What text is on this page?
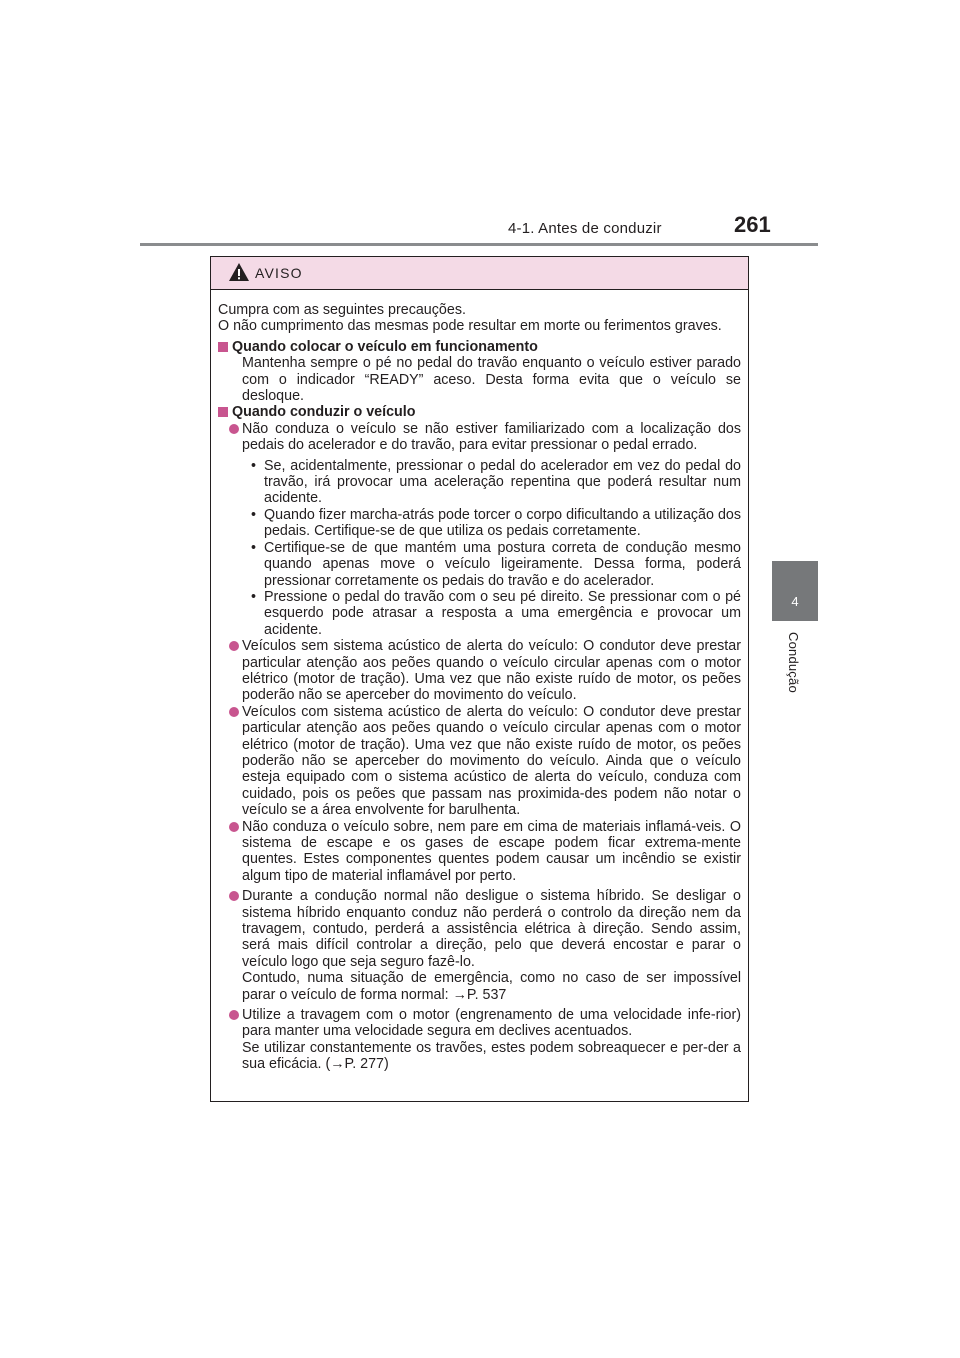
4-1. Antes de conduzir	261
4
Condução
AVISO

Cumpra com as seguintes precauções.

O não cumprimento das mesmas pode resultar em morte ou ferimentos graves.

Quando colocar o veículo em funcionamento

Mantenha sempre o pé no pedal do travão enquanto o veículo estiver parado com o indicador “READY” aceso. Desta forma evita que o veículo se desloque.

Quando conduzir o veículo

Não conduza o veículo se não estiver familiarizado com a localização dos pedais do acelerador e do travão, para evitar pressionar o pedal errado.

• Se, acidentalmente, pressionar o pedal do acelerador em vez do pedal do travão, irá provocar uma aceleração repentina que poderá resultar num acidente.

• Quando fizer marcha-atrás pode torcer o corpo dificultando a utilização dos pedais. Certifique-se de que utiliza os pedais corretamente.

• Certifique-se de que mantém uma postura correta de condução mesmo quando apenas move o veículo ligeiramente. Dessa forma, poderá pressionar corretamente os pedais do travão e do acelerador.

• Pressione o pedal do travão com o seu pé direito. Se pressionar com o pé esquerdo pode atrasar a resposta a uma emergência e provocar um acidente.

Veículos sem sistema acústico de alerta do veículo: O condutor deve prestar particular atenção aos peões quando o veículo circular apenas com o motor elétrico (motor de tração). Uma vez que não existe ruído de motor, os peões poderão não se aperceber do movimento do veículo.

Veículos com sistema acústico de alerta do veículo: O condutor deve prestar particular atenção aos peões quando o veículo circular apenas com o motor elétrico (motor de tração). Uma vez que não existe ruído de motor, os peões poderão não se aperceber do movimento do veículo. Ainda que o veículo esteja equipado com o sistema acústico de alerta do veículo, conduza com cuidado, pois os peões que passam nas proximida-des podem não notar o veículo se a área envolvente for barulhenta.

Não conduza o veículo sobre, nem pare em cima de materiais inflamá-veis. O sistema de escape e os gases de escape podem ficar extrema-mente quentes. Estes componentes quentes podem causar um incêndio se existir algum tipo de material inflamável por perto.

Durante a condução normal não desligue o sistema híbrido. Se desligar o sistema híbrido enquanto conduz não perderá o controlo da direção nem da travagem, contudo, perderá a assistência elétrica à direção. Sendo assim, será mais difícil controlar a direção, pelo que deverá encostar e parar o veículo logo que seja seguro fazê-lo.
Contudo, numa situação de emergência, como no caso de ser impossível parar o veículo de forma normal: →P. 537
Utilize a travagem com o motor (engrenamento de uma velocidade infe-rior) para manter uma velocidade segura em declives acentuados.
Se utilizar constantemente os travões, estes podem sobreaquecer e per-der a sua eficácia. (→P. 277)
